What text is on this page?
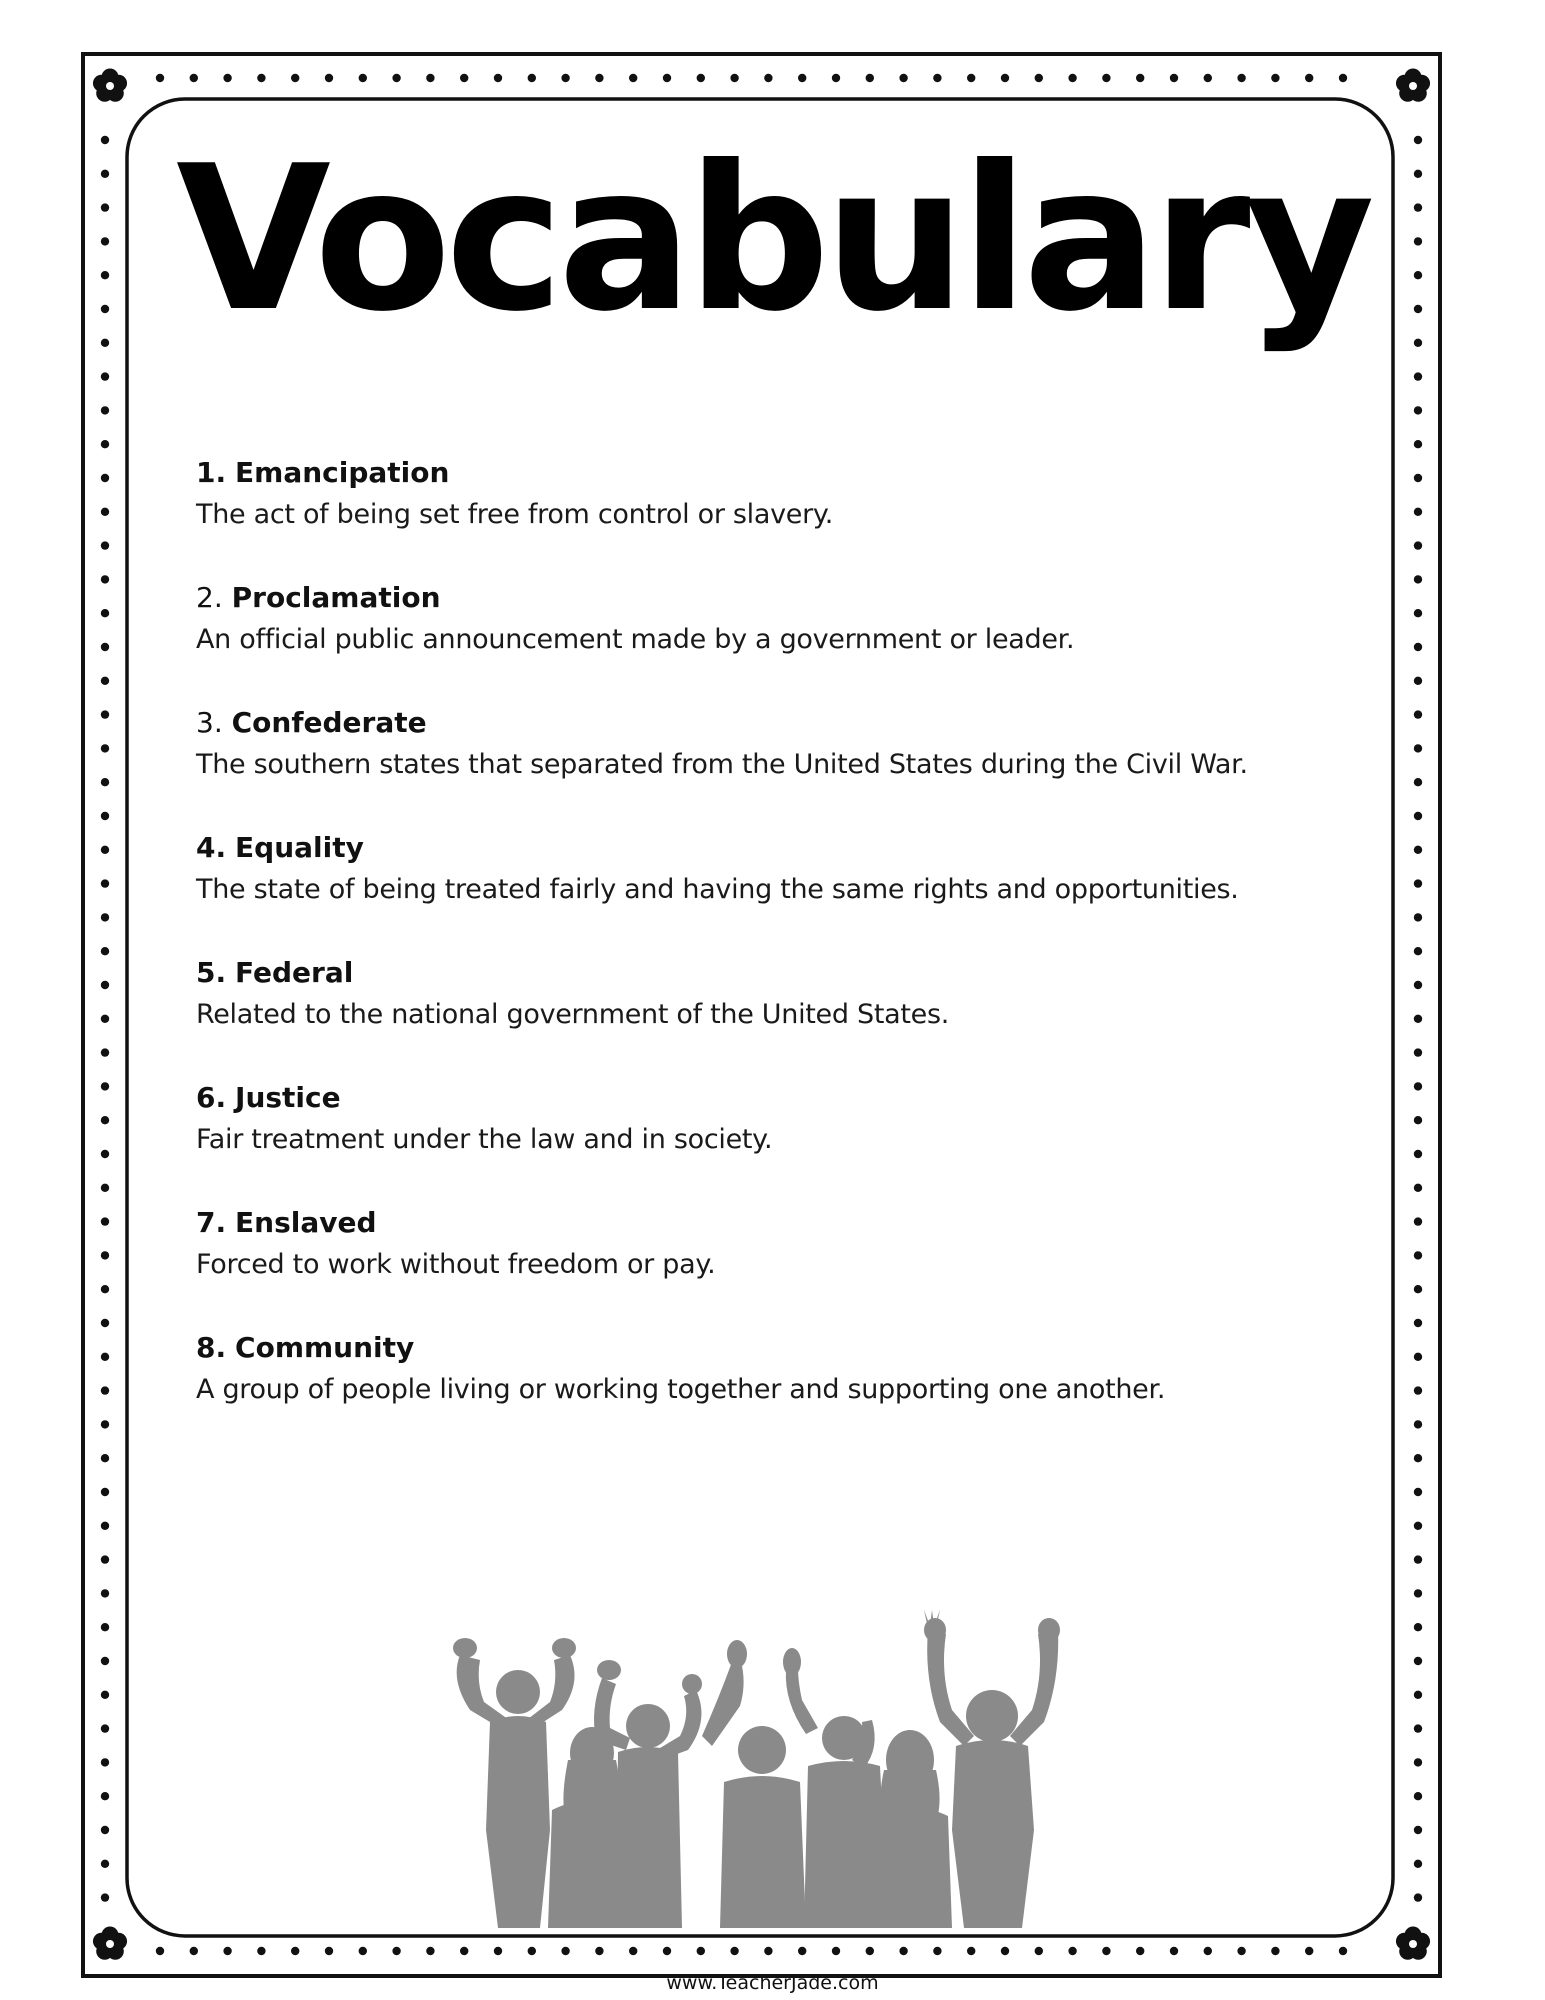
Vocabulary
1. Emancipation
The act of being set free from control or slavery.
2. Proclamation
An official public announcement made by a government or leader.
3. Confederate
The southern states that separated from the United States during the Civil War.
4. Equality
The state of being treated fairly and having the same rights and opportunities.
5. Federal
Related to the national government of the United States.
6. Justice
Fair treatment under the law and in society.
7. Enslaved
Forced to work without freedom or pay.
8. Community
A group of people living or working together and supporting one another.
www.TeacherJade.com
